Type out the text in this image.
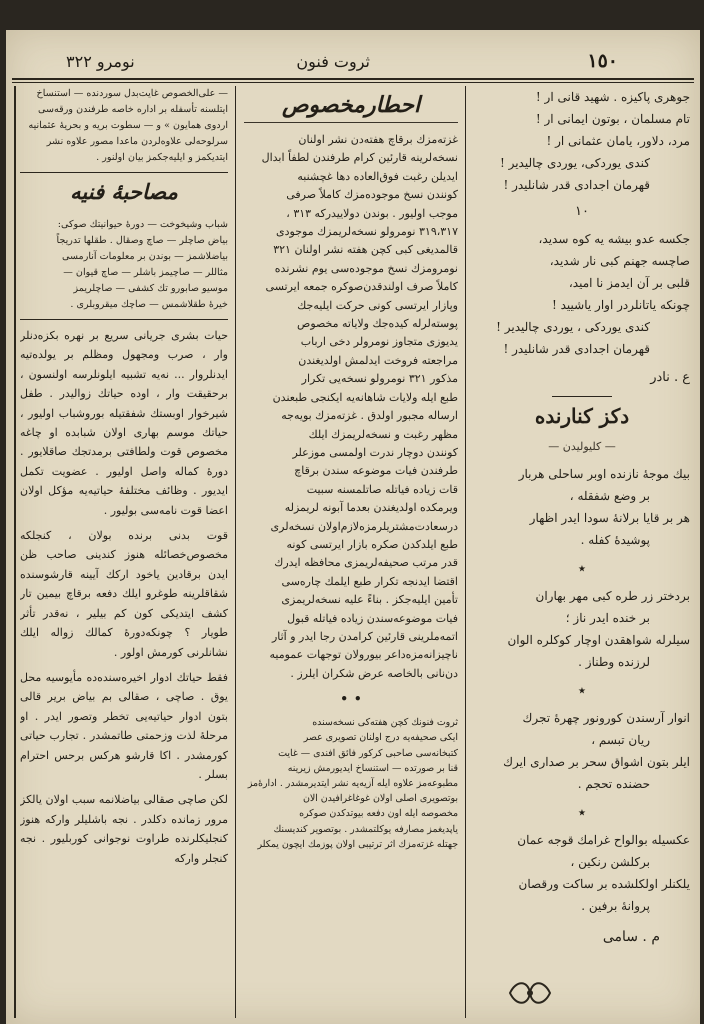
١٥٠
ثروت فنون
نومرو ٣٢٢
جوهری پاکیزه . شهید قانی ار !
تام مسلمان ، بوتون ایمانی ار !
مرد، دلاور، یامان عثمانی ار !
کندی یوردکی، یوردی چالیدیر !
قهرمان اجدادی قدر شانلیدر !
١٠
جکسه عدو بیشه یه کوه سدید،
صاچسه جهنم کبی نار شدید،
قلبی بر آن ایدمز نا امید،
چونکه یاتانلردر اوار یاشیید !
کندی یوردکی ، یوردی چالیدیر !
قهرمان اجدادی قدر شانلیدر !
ع . نادر
دکز کنارنده
— کلیولیدن —
بیك موجهٔ نازنده اوبر ساحلی هربار
بر وضع شفقله ،
هر بر قایا برلانهٔ سودا ایدر اظهار
پوشیدهٔ کفله .
٭
بردختر زر طره کبی مهر بهاران
بر خنده ایدر ناز ؛
سیلرله شواهقدن اوچار کوکلره الوان
لرزنده وطناز .
٭
انوار آرسندن کورونور چهرهٔ تجرك
ریان تبسم ،
ایلر بتون اشواق سحر بر صداری ایرك
حضنده تحجم .
٭
عکسیله بوالواح غرامك قوجه عمان
برکلشن رنکین ،
یلکنلر اولکلشده بر ساکت ورقصان
پروانهٔ برفین .
م . سامی
احطارمخصوص
غزته‌مزك برقاچ هفته‌دن نشر اولنان
نسخه‌لرینه قارئین کرام طرفندن لطفاً ابدال
ایدیلن رغبت فوق‌العاده دها غچشنبه
کونندن نسخ موجوده‌مزك کاملاً صرفی
موجب اولیور . بوندن دولاییدرکه ۳۱۳ ،
۳۱۹،۳۱۷ نومرولو نسخه‌لریمزك موجودی
قالمدیغی کبی کچن هفته نشر اولنان ۳۲۱
نومرومزك نسخ موجوده‌سی یوم نشرنده
کاملاً صرف اولندقدن‌صوکره جمعه ایرتسی
وپازار ایرتسی کونی حرکت ایلیه‌جك
پوسته‌لرله کیده‌جك ولایاته مخصوص
یدیوزی متجاوز نومرولر دخی ارباب
مراجعته فروخت ایدلمش اولدیغندن
مذکور ۳۲۱ نومرولو نسخه‌یی تکرار
طبع ایله ولایات شاهانه‌یه ایکنجی طبعندن
ارساله مجبور اولدق . غزته‌مزك بو‌یه‌جه
مظهر رغبت و نسخه‌لریمزك ایلك
کونندن دوچار ندرت اولمسی موزعلر
طرفندن فیات موضوعه سندن برقاچ
قات زیاده فیاتله صاتلمسنه سبیت
ویرمکده اولدیغندن بعدما آبونه لریمزله
درسعادت‌مشتریلرمزه‌لازم‌اولان نسخه‌لری
طبع ایلدکدن صکره بازار ایرتسی کونه
قدر مرتب صحیفه‌لریمزی محافظه ایدرك
اقتضا ایدنجه تکرار طبع ایلمك چاره‌سی
تأمین ایلیه‌جکز . بناءً علیه نسخه‌لریمزی
فیات موضوعه‌سندن زیاده فیاتله قبول
اتمه‌ملرینی قارئین کرامدن رجا ایدر و آثار
ناچیزانه‌مزه‌داعر بیورولان توجهات عمومیه
دن‌نانی بالخاصه عرض شکران ایلرز .
• •
ثروت فنونك کچن هفته‌کی نسخه‌سنده
ایکی صحیفه‌یه درج اولنان تصویری عصر
کتبخانه‌سی صاحبی کرکور فائق افندی — غایت
قنا بر صورتده — استنساخ ایدیورمش زیرینه
مطبوعه‌مز علاوه ایله آزیه‌یه نشر ایتدیرمشدر . ادارهٔ‌مز
بوتصویری اصلی اولان غوغا‌غرافیدن الان
مخصوصه ایله اون دفعه بیوتدکدن صوکره
ياپدیغمز مصارفه یوکلتمشدر . بوتصویر کندیسنك
جهتله غزته‌مزك اثر ترتیبی اولان پوزمك ایچون یمکلر
— علی‌الخصوص غایت‌بدل سوردنده — استنساخ
ایتلسنه تأسفله بر اداره خاصه طرفندن ورقه‌سی
اردوی همایون » و — سطوت بریه و بحریهٔ عثمانیه
سرلوحه‌لی علاوه‌لردن ماعدا مصور علاوه نشر
ایتدیکمز و ایلیه‌جکمز بیان اولنور .
مصاحبهٔ فنیه
شباب وشیخوخت — دورهٔ حیوانیتك صوکی:
بیاض صاچلر — صاچ وصقال . طقلها تدریجاً
بیاضلاشمز — بوندن بر معلومات آنارمسی
مثاللر — صاچیمز باشلر — صاچ قیوان —
موسیو صابورو تك کشفی — صاچلریمز
خیرهٔ طقلاشمس — صاچك میقروبلری .

حیات بشری جریانی سریع بر نهره بکزه‌دنلر وار ، صرب ومجهول ومظلم بر یولده‌تیه ایدنلروار ... نه‌یه تشبیه ایلونلرسه اولنسون ، برحقیقت وار ، اوده حیاتك زوالیدر . طفل شیرخوار اوبستك شفقتیله بوروشباب اولیور ، حیاتك موسم بهاری اولان شبابده او چاغه مخصوص قوت ولطافتی برمدتجك صاقلایور . دورهٔ کماله واصل اولیور . عضویت تکمل ایدیور . وظائف مختلفهٔ حیاتیه‌یه مؤکل اولان اعضا قوت نامه‌سی بولیور .

قوت بدنی برنده بولان ، کنجلکه مخصوص‌خصائله هنوز کندینی صاحب ظن ایدن برقادین یاخود ارکك آیینه قارشوسنده شقاقلرینه طوغرو ایلك دفعه برقاچ بیمین تار کشف ایتدیکی کون کم بیلیر ، نه‌قدر تأثر طویار ؟ چونکه‌دورهٔ کمالك زواله ایلك نشانلرنی کورمش اولور .

فقط حیاتك ادوار اخیره‌سنده‌ده مأیوسیه محل یوق . صاچی ، صقالی بم بیاض بریر قالی بتون ادوار حیاتیه‌یی تخطر وتصور ایدر . او مرحلهٔ لذت وزحمتی طاتمشدر . تجارب حیاتی کورمشدر . اکا قارشو هرکس برحس احترام بسلر .

لکن صاچی صقالی بیاضلانمه سبب اولان یالکز مرور زمانده دکلدر . نجه باشلیلر وارکه هنوز کنجلیکلرنده طراوت نوجوانی کوربلیور . نجه کنجلر وارکه
